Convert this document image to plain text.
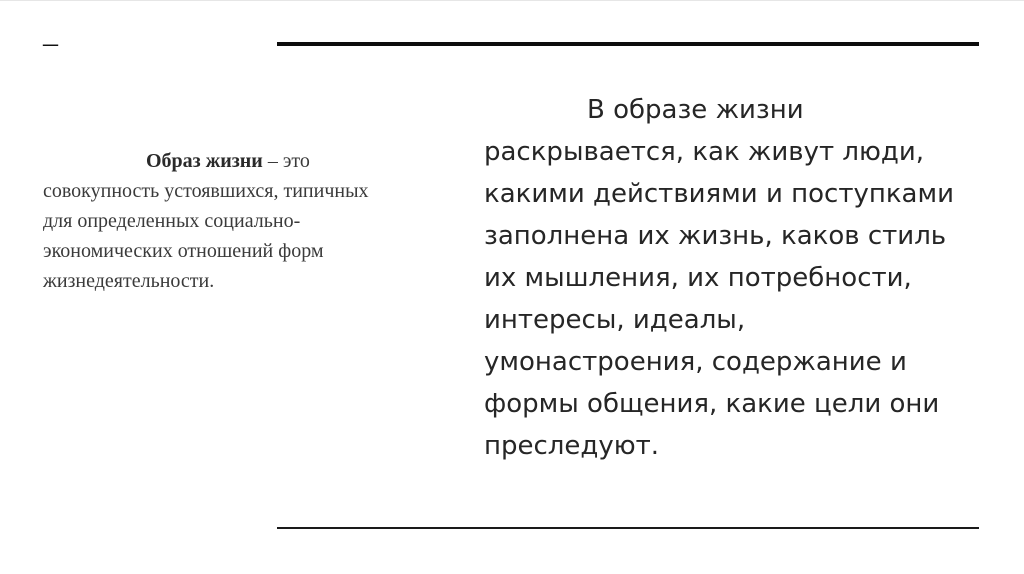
–

Образ жизни – это совокупность устоявшихся, типичных для определенных социально-экономических отношений форм жизнедеятельности.

В образе жизни раскрывается, как живут люди, какими действиями и поступками заполнена их жизнь, каков стиль их мышления, их потребности, интересы, идеалы, умонастроения, содержание и формы общения, какие цели они преследуют.
